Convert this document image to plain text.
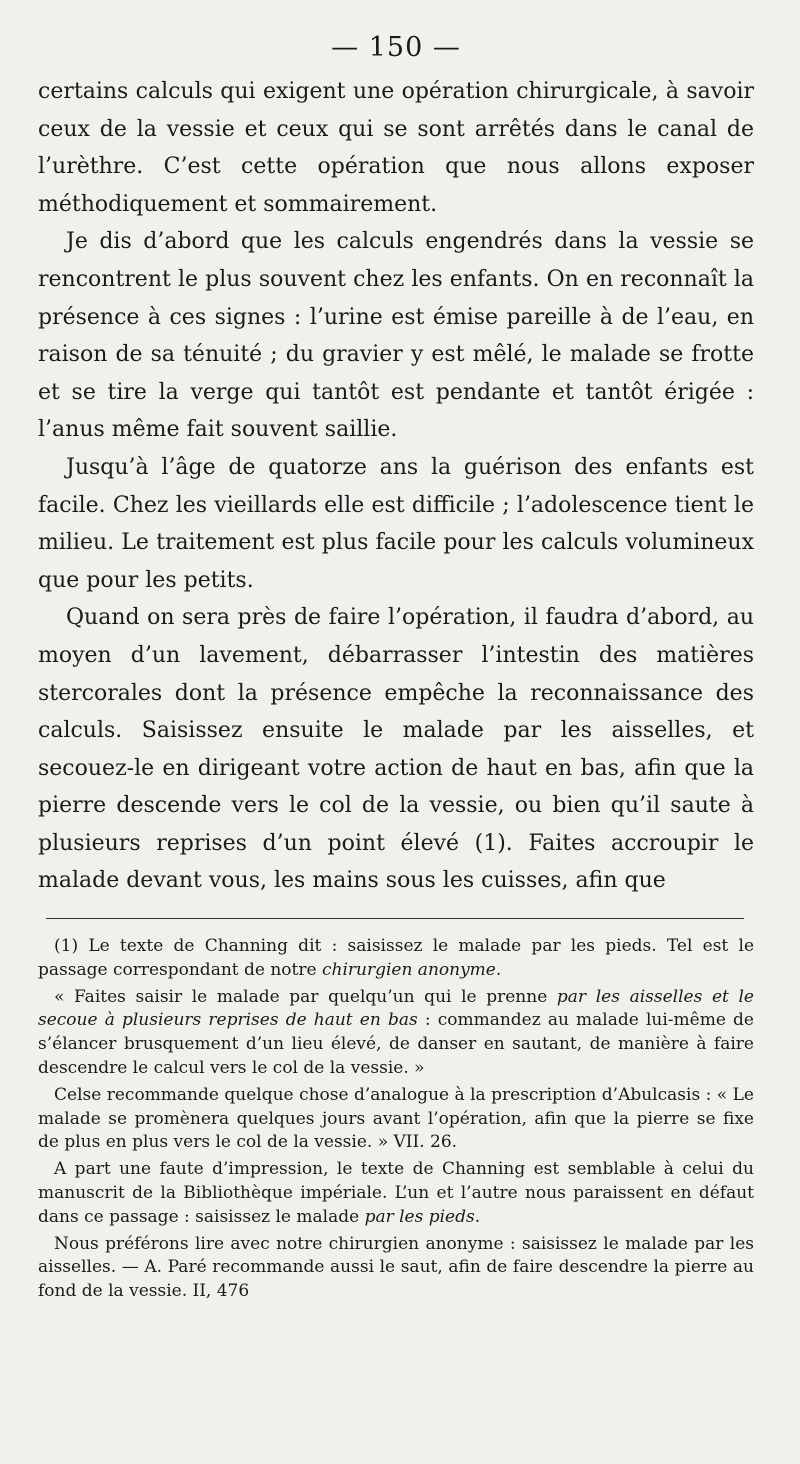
— 150 —

certains calculs qui exigent une opération chirurgicale, à savoir ceux de la vessie et ceux qui se sont arrêtés dans le canal de l’urèthre. C’est cette opération que nous allons exposer méthodiquement et sommairement.

Je dis d’abord que les calculs engendrés dans la vessie se rencontrent le plus souvent chez les enfants. On en reconnaît la présence à ces signes : l’urine est émise pareille à de l’eau, en raison de sa ténuité ; du gravier y est mêlé, le malade se frotte et se tire la verge qui tantôt est pendante et tantôt érigée : l’anus même fait souvent saillie.

Jusqu’à l’âge de quatorze ans la guérison des enfants est facile. Chez les vieillards elle est difficile ; l’adolescence tient le milieu. Le traitement est plus facile pour les calculs volumineux que pour les petits.

Quand on sera près de faire l’opération, il faudra d’abord, au moyen d’un lavement, débarrasser l’intestin des matières stercorales dont la présence empêche la reconnaissance des calculs. Saisissez ensuite le malade par les aisselles, et secouez-le en dirigeant votre action de haut en bas, afin que la pierre descende vers le col de la vessie, ou bien qu’il saute à plusieurs reprises d’un point élevé (1). Faites accroupir le malade devant vous, les mains sous les cuisses, afin que

(1) Le texte de Channing dit : saisissez le malade par les pieds. Tel est le passage correspondant de notre chirurgien anonyme.

« Faites saisir le malade par quelqu’un qui le prenne par les aisselles et le secoue à plusieurs reprises de haut en bas : commandez au malade lui-même de s’élancer brusquement d’un lieu élevé, de danser en sautant, de manière à faire descendre le calcul vers le col de la vessie. »

Celse recommande quelque chose d’analogue à la prescription d’Abulcasis : « Le malade se promènera quelques jours avant l’opération, afin que la pierre se fixe de plus en plus vers le col de la vessie. » VII. 26.

A part une faute d’impression, le texte de Channing est semblable à celui du manuscrit de la Bibliothèque impériale. L’un et l’autre nous paraissent en défaut dans ce passage : saisissez le malade par les pieds.

Nous préférons lire avec notre chirurgien anonyme : saisissez le malade par les aisselles. — A. Paré recommande aussi le saut, afin de faire descendre la pierre au fond de la vessie. II, 476
